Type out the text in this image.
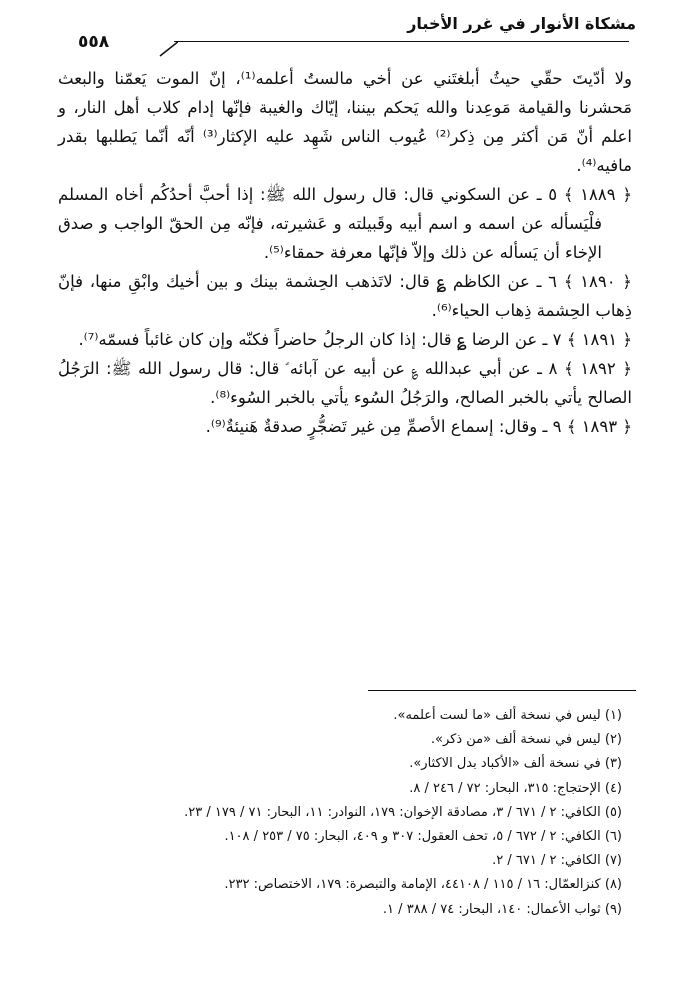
مشكاة الأنوار في غرر الأخبار
٥٥٨

ولا أدّيتَ حقّي حيثُ أبلغتَني عن أخي مالستُ أعلمه⁽¹⁾، إنّ الموت يَعمّنا والبعث مَحشرنا والقيامة مَوعِدنا والله يَحكم بيننا، إيّاك والغيبة فإنّها إدام كلاب أهل النار، و اعلم أنّ مَن أكثر مِن ذِكر⁽²⁾ عُيوب الناس شَهِد عليه الإكثار⁽³⁾ أنّه أنّما يَطلبها بقدر مافيه⁽⁴⁾.

﴿ ١٨٨٩ ﴾ ٥ ـ عن السكوني قال: قال رسول الله ﷺ: إذا أحبَّ أحدُكُم أخاه المسلم فلْيَسأله عن اسمه و اسم أبيه وقَبيلته و عَشيرته، فإنّه مِن الحقّ الواجب و صدق الإخاء أن يَسأله عن ذلك وإلاّ فإنّها معرفة حمقاء⁽⁵⁾.

﴿ ١٨٩٠ ﴾ ٦ ـ عن الكاظم ؏ قال: لاتَذهب الحِشمة بينك و بين أخيك وابْقِ منها، فإنّ ذِهاب الحِشمة ذِهاب الحياء⁽⁶⁾.

﴿ ١٨٩١ ﴾ ٧ ـ عن الرضا ؏ قال: إذا كان الرجلُ حاضراً فكنّه وإن كان غائباً فسمّه⁽⁷⁾.

﴿ ١٨٩٢ ﴾ ٨ ـ عن أبي عبدالله ؏ عن أبيه عن آبائه ؑ قال: قال رسول الله ﷺ: الرَجُلُ الصالح يأتي بالخبر الصالح، والرَجُلُ السُوء يأتي بالخبر السُوء⁽⁸⁾.

﴿ ١٨٩٣ ﴾ ٩ ـ وقال: إسماع الأصمِّ مِن غير تَضجُّرٍ صدقةٌ هَنيئةٌ⁽⁹⁾.

(١) ليس في نسخة ألف «ما لست أعلمه».
(٢) ليس في نسخة ألف «من ذكر».
(٣) في نسخة ألف «الأكباد بدل الاكثار».
(٤) الإحتجاج: ٣١٥، البحار: ٧٢ / ٢٤٦ / ٨.
(٥) الكافي: ٢ / ٦٧١ / ٣، مصادقة الإخوان: ١٧٩، النوادر: ١١، البحار: ٧١ / ١٧٩ / ٢٣.
(٦) الكافي: ٢ / ٦٧٢ / ٥، تحف العقول: ٣٠٧ و ٤٠٩، البحار: ٧٥ / ٢٥٣ / ١٠٨.
(٧) الكافي: ٢ / ٦٧١ / ٢.
(٨) كنزالعمّال: ١٦ / ١١٥ / ٤٤١٠٨، الإمامة والتبصرة: ١٧٩، الاختصاص: ٢٣٢.
(٩) ثواب الأعمال: ١٤٠، البحار: ٧٤ / ٣٨٨ / ١.
